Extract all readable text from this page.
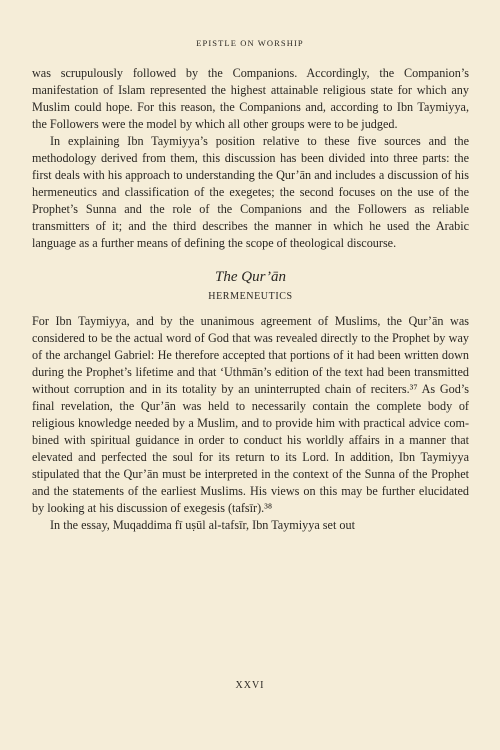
EPISTLE ON WORSHIP

was scrupulously followed by the Companions. Accordingly, the Companion’s manifestation of Islam represented the highest attainable religious state for which any Muslim could hope. For this reason, the Companions and, according to Ibn Taymiyya, the Followers were the model by which all other groups were to be judged.

In explaining Ibn Taymiyya’s position relative to these five sources and the methodology derived from them, this discussion has been divided into three parts: the first deals with his approach to understanding the Qur’ān and includes a discussion of his hermeneutics and classification of the exegetes; the second focuses on the use of the Prophet’s Sunna and the role of the Companions and the Followers as reliable transmitters of it; and the third describes the manner in which he used the Arabic language as a further means of defining the scope of theological discourse.

The Qur’ān
HERMENEUTICS

For Ibn Taymiyya, and by the unanimous agreement of Muslims, the Qur’ān was considered to be the actual word of God that was revealed directly to the Prophet by way of the archangel Gabriel: He therefore accepted that portions of it had been written down during the Prophet’s lifetime and that ‘Uthmān’s edition of the text had been transmitted without corruption and in its totality by an uninterrupted chain of reciters.³⁷ As God’s final revelation, the Qur’ān was held to necessarily contain the complete body of religious knowledge needed by a Muslim, and to provide him with practical advice combined with spiritual guidance in order to conduct his worldly affairs in a manner that elevated and perfected the soul for its return to its Lord. In addition, Ibn Taymiyya stipulated that the Qur’ān must be interpreted in the context of the Sunna of the Prophet and the statements of the earliest Muslims. His views on this may be further elucidated by looking at his discussion of exegesis (tafsīr).³⁸

In the essay, Muqaddima fī uṣūl al-tafsīr, Ibn Taymiyya set out

XXVI
